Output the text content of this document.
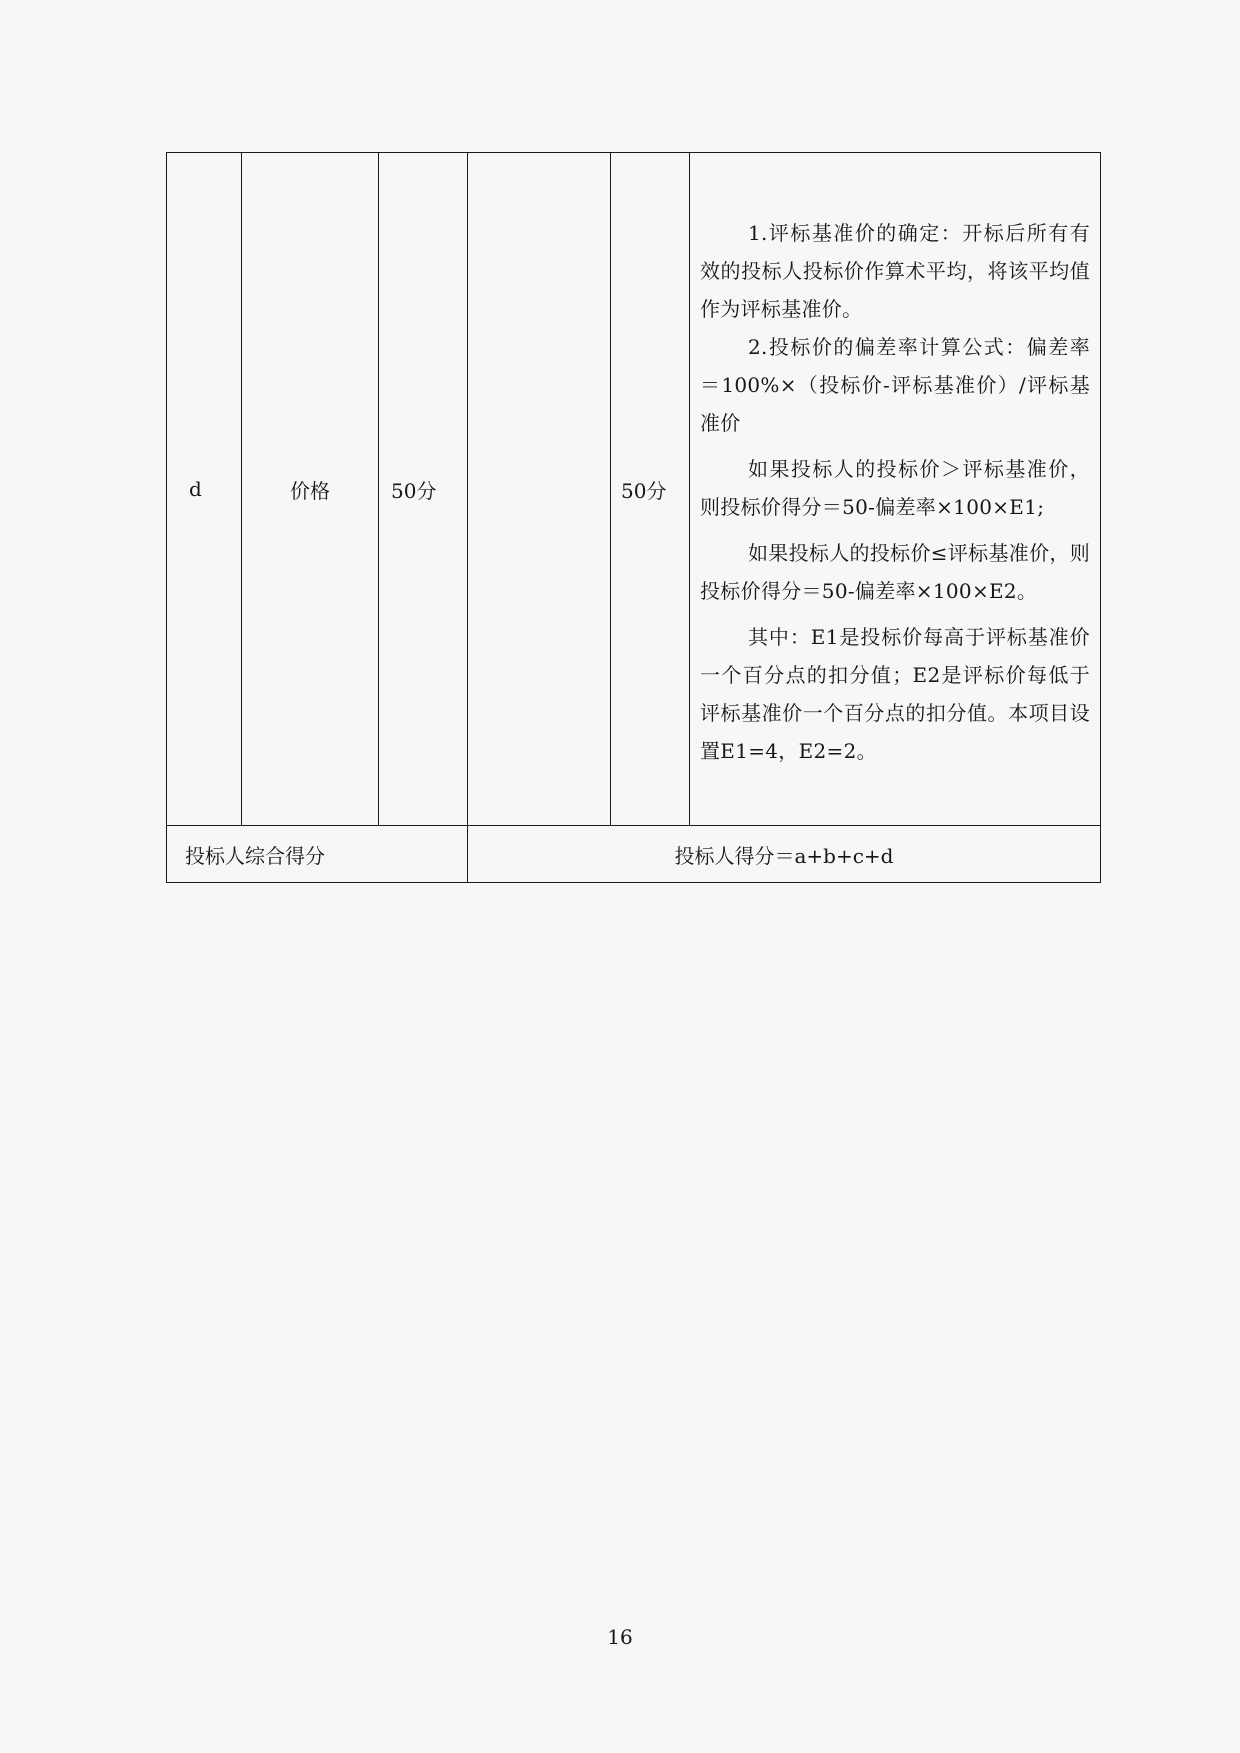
d	价格	50分		50分	1.评标基准价的确定：开标后所有有效的投标人投标价作算术平均，将该平均值作为评标基准价。

2.投标价的偏差率计算公式：偏差率＝100%×（投标价-评标基准价）/评标基准价

如果投标人的投标价＞评标基准价，则投标价得分＝50-偏差率×100×E1;

如果投标人的投标价≤评标基准价，则投标价得分＝50-偏差率×100×E2。

其中：E1是投标价每高于评标基准价一个百分点的扣分值；E2是评标价每低于评标基准价一个百分点的扣分值。本项目设置E1=4，E2=2。

投标人综合得分			投标人得分＝a+b+c+d		
16
